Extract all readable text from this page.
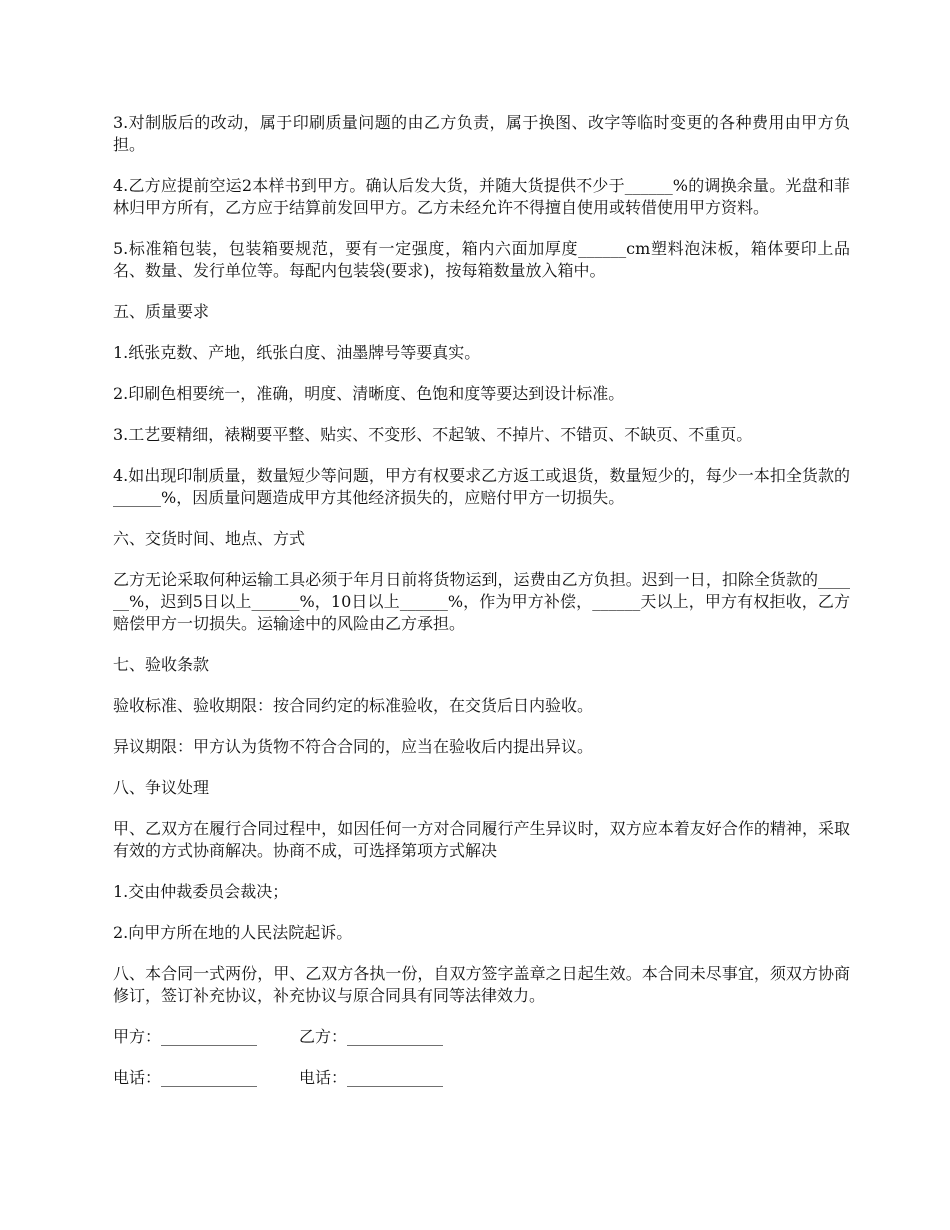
3.对制版后的改动，属于印刷质量问题的由乙方负责，属于换图、改字等临时变更的各种费用由甲方负担。

4.乙方应提前空运2本样书到甲方。确认后发大货，并随大货提供不少于______%的调换余量。光盘和菲林归甲方所有，乙方应于结算前发回甲方。乙方未经允许不得擅自使用或转借使用甲方资料。

5.标准箱包装，包装箱要规范，要有一定强度，箱内六面加厚度______cm塑料泡沫板，箱体要印上品名、数量、发行单位等。每配内包装袋(要求)，按每箱数量放入箱中。

五、质量要求

1.纸张克数、产地，纸张白度、油墨牌号等要真实。

2.印刷色相要统一，准确，明度、清晰度、色饱和度等要达到设计标准。

3.工艺要精细，裱糊要平整、贴实、不变形、不起皱、不掉片、不错页、不缺页、不重页。

4.如出现印制质量，数量短少等问题，甲方有权要求乙方返工或退货，数量短少的，每少一本扣全货款的______%，因质量问题造成甲方其他经济损失的，应赔付甲方一切损失。

六、交货时间、地点、方式

乙方无论采取何种运输工具必须于年月日前将货物运到，运费由乙方负担。迟到一日，扣除全货款的______%，迟到5日以上______%，10日以上______%，作为甲方补偿，______天以上，甲方有权拒收，乙方赔偿甲方一切损失。运输途中的风险由乙方承担。

七、验收条款

验收标准、验收期限：按合同约定的标准验收，在交货后日内验收。

异议期限：甲方认为货物不符合合同的，应当在验收后内提出异议。

八、争议处理

甲、乙双方在履行合同过程中，如因任何一方对合同履行产生异议时，双方应本着友好合作的精神，采取有效的方式协商解决。协商不成，可选择第项方式解决

1.交由仲裁委员会裁决；

2.向甲方所在地的人民法院起诉。

八、本合同一式两份，甲、乙双方各执一份，自双方签字盖章之日起生效。本合同未尽事宜，须双方协商修订，签订补充协议，补充协议与原合同具有同等法律效力。

甲方：____________	乙方：____________
电话：____________	电话：____________
